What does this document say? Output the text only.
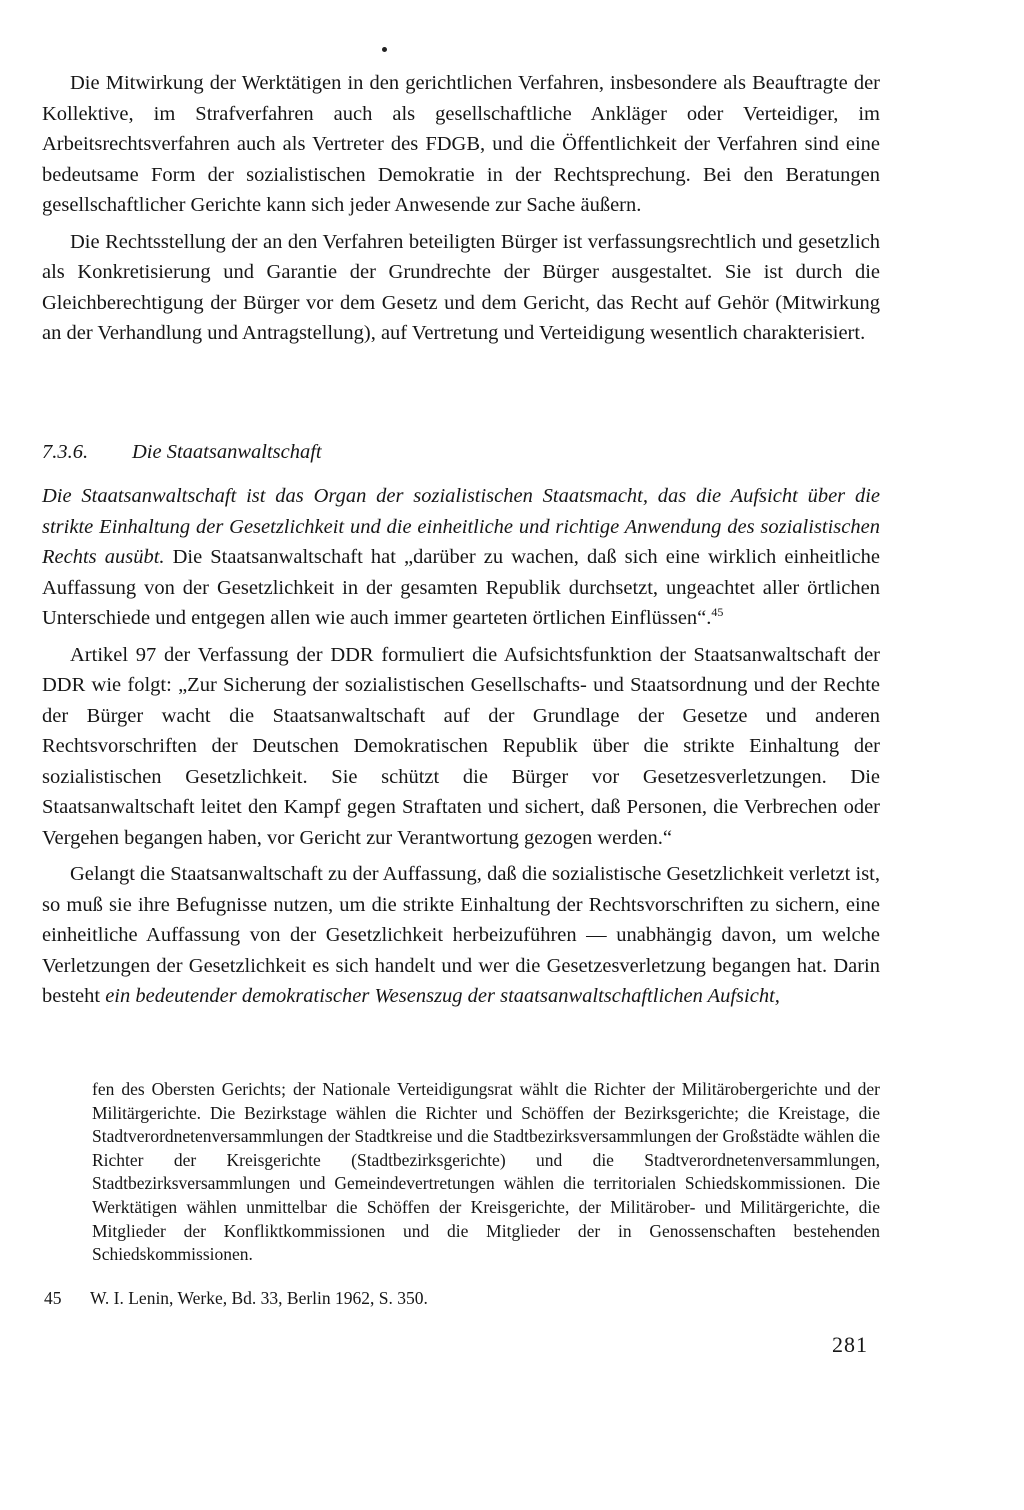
Die Mitwirkung der Werktätigen in den gerichtlichen Verfahren, insbesondere als Beauftragte der Kollektive, im Strafverfahren auch als gesellschaftliche Ankläger oder Verteidiger, im Arbeitsrechtsverfahren auch als Vertreter des FDGB, und die Öffentlichkeit der Verfahren sind eine bedeutsame Form der sozialistischen Demokratie in der Rechtsprechung. Bei den Beratungen gesellschaftlicher Gerichte kann sich jeder Anwesende zur Sache äußern.

Die Rechtsstellung der an den Verfahren beteiligten Bürger ist verfassungsrechtlich und gesetzlich als Konkretisierung und Garantie der Grundrechte der Bürger ausgestaltet. Sie ist durch die Gleichberechtigung der Bürger vor dem Gesetz und dem Gericht, das Recht auf Gehör (Mitwirkung an der Verhandlung und Antragstellung), auf Vertretung und Verteidigung wesentlich charakterisiert.

7.3.6. Die Staatsanwaltschaft

Die Staatsanwaltschaft ist das Organ der sozialistischen Staatsmacht, das die Aufsicht über die strikte Einhaltung der Gesetzlichkeit und die einheitliche und richtige Anwendung des sozialistischen Rechts ausübt. Die Staatsanwaltschaft hat „darüber zu wachen, daß sich eine wirklich einheitliche Auffassung von der Gesetzlichkeit in der gesamten Republik durchsetzt, ungeachtet aller örtlichen Unterschiede und entgegen allen wie auch immer gearteten örtlichen Einflüssen“.$^{45}$

Artikel 97 der Verfassung der DDR formuliert die Aufsichtsfunktion der Staatsanwaltschaft der DDR wie folgt: „Zur Sicherung der sozialistischen Gesellschafts- und Staatsordnung und der Rechte der Bürger wacht die Staatsanwaltschaft auf der Grundlage der Gesetze und anderen Rechtsvorschriften der Deutschen Demokratischen Republik über die strikte Einhaltung der sozialistischen Gesetzlichkeit. Sie schützt die Bürger vor Gesetzesverletzungen. Die Staatsanwaltschaft leitet den Kampf gegen Straftaten und sichert, daß Personen, die Verbrechen oder Vergehen begangen haben, vor Gericht zur Verantwortung gezogen werden.“

Gelangt die Staatsanwaltschaft zu der Auffassung, daß die sozialistische Gesetzlichkeit verletzt ist, so muß sie ihre Befugnisse nutzen, um die strikte Einhaltung der Rechtsvorschriften zu sichern, eine einheitliche Auffassung von der Gesetzlichkeit herbeizuführen — unabhängig davon, um welche Verletzungen der Gesetzlichkeit es sich handelt und wer die Gesetzesverletzung begangen hat. Darin besteht ein bedeutender demokratischer Wesenszug der staatsanwaltschaftlichen Aufsicht,

fen des Obersten Gerichts; der Nationale Verteidigungsrat wählt die Richter der Militärobergerichte und der Militärgerichte. Die Bezirkstage wählen die Richter und Schöffen der Bezirksgerichte; die Kreistage, die Stadtverordnetenversammlungen der Stadtkreise und die Stadtbezirksversammlungen der Großstädte wählen die Richter der Kreisgerichte (Stadtbezirksgerichte) und die Stadtverordnetenversammlungen, Stadtbezirksversammlungen und Gemeindevertretungen wählen die territorialen Schiedskommissionen. Die Werktätigen wählen unmittelbar die Schöffen der Kreisgerichte, der Militärober- und Militärgerichte, die Mitglieder der Konfliktkommissionen und die Mitglieder der in Genossenschaften bestehenden Schiedskommissionen.

45 W. I. Lenin, Werke, Bd. 33, Berlin 1962, S. 350.
281
